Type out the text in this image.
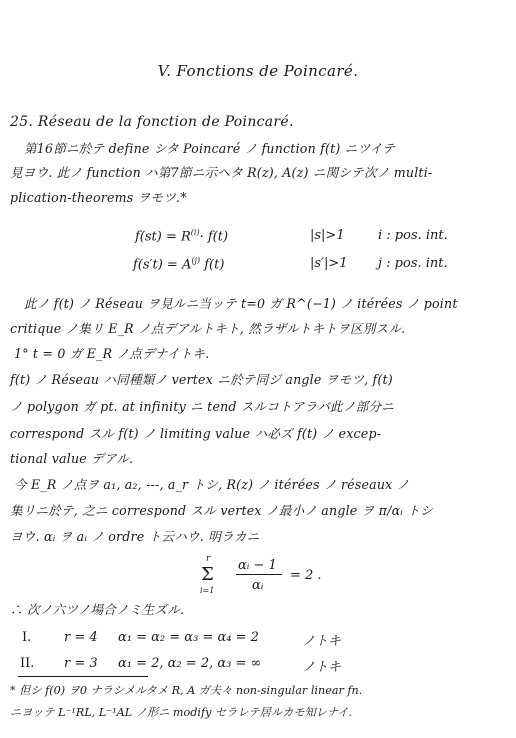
V. Fonctions de Poincaré.
25. Réseau de la fonction de Poincaré.
第16節ニ於テ define シタ Poincaré ノ function f(t) ニツイテ
見ヨウ. 此ノ function ハ第7節ニ示ヘタ R(z), A(z) ニ関シテ次ノ multi-
plication-theorems ヲモツ.*
$f(st) = R^{(i)}\cdot f(t)$	|s|>1	i : pos. int.
$f(s't) = A^{(j)}$ f(t)	|s′|>1 j : pos. int.
此ノ f(t) ノ Réseau ヲ見ルニ当ッテ t=0 ガ R^(−1) ノ itérées ノ point
critique ノ集リ E_R ノ点デアルトキト, 然ラザルトキトヲ区別スル.
1° t = 0 ガ E_R ノ点デナイトキ.
f(t) ノ Réseau ハ同種類ノ vertex ニ於テ同ジ angle ヲモツ, f(t)
ノ polygon ガ pt. at infinity ニ tend スルコトアラバ此ノ部分ニ
correspond スル f(t) ノ limiting value ハ必ズ f(t) ノ excep-
tional value デアル.
今 E_R ノ点ヲ a₁, a₂, ---, a_r トシ, R(z) ノ itérées ノ réseaux ノ
集リニ於テ, 之ニ correspond スル vertex ノ最小ノ angle ヲ π/αᵢ トシ
ヨウ. αᵢ ヲ aᵢ ノ ordre ト云ハウ. 明ラカニ
r
Σ
i=1
αᵢ − 1
αᵢ
= 2 .
∴ 次ノ六ツノ場合ノミ生ズル.
I.	r = 4 α₁ = α₂ = α₃ = α₄ = 2	ノトキ
II. r = 3 α₁ = 2, α₂ = 2, α₃ = ∞	ノトキ
* 但シ f(0) ヲ0 ナラシメルタメ R, A ガ夫々 non-singular linear fn.
ニヨッテ L⁻¹RL, L⁻¹AL ノ形ニ modify セラレテ居ルカモ知レナイ.
